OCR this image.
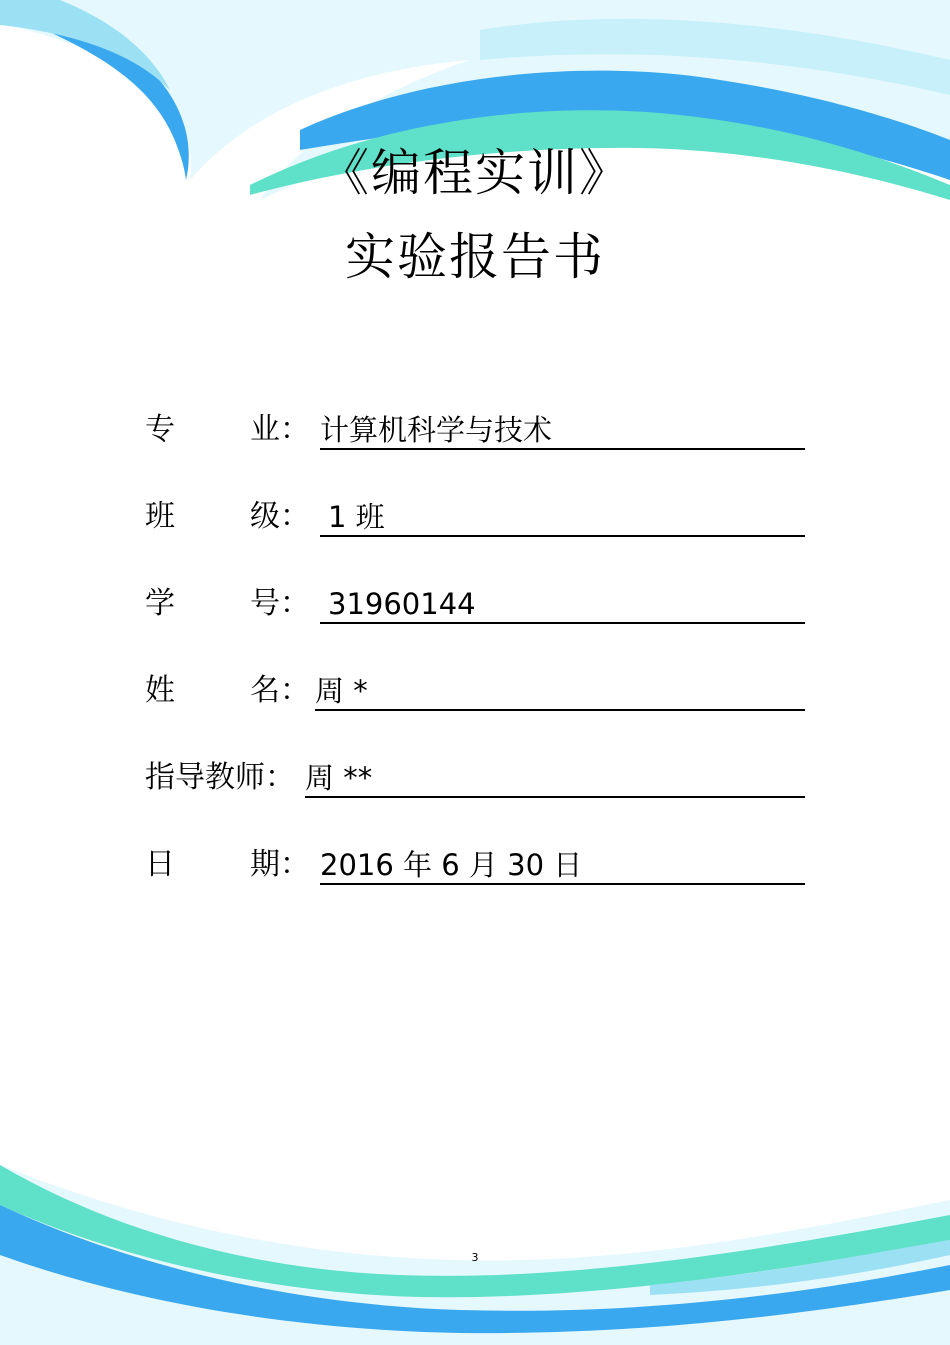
《编程实训》
实验报告书
专	业： 计算机科学与技术
班	级： 1 班
学	号： 31960144
姓	名： 周 *
指导教师： 周 **
日	期： 2016 年 6 月 30 日
3
